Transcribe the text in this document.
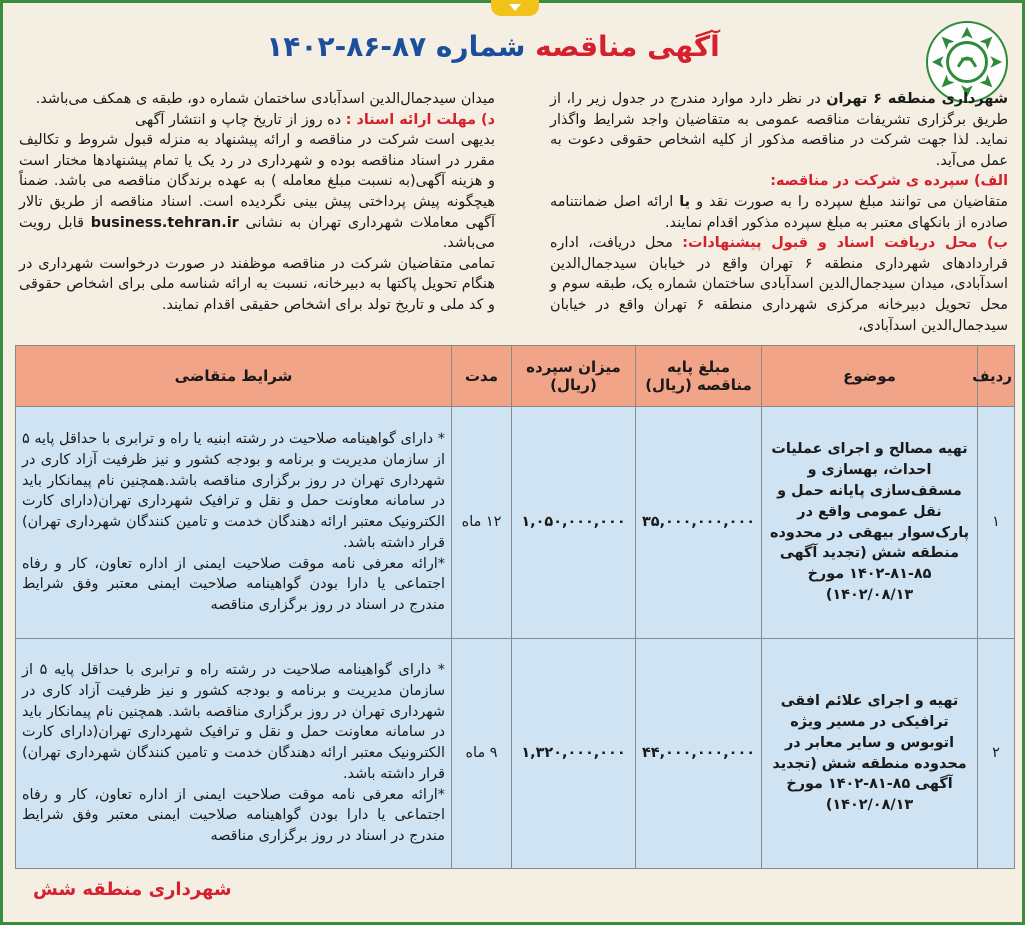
آگهی مناقصه شماره ۸۷-۸۶-۱۴۰۲

شهرداری منطقه ۶ تهران در نظر دارد موارد مندرج در جدول زیر را، از طریق برگزاری تشریفات مناقصه عمومی به متقاضیان واجد شرایط واگذار نماید. لذا جهت شرکت در مناقصه مذکور از کلیه اشخاص حقوقی دعوت به عمل می‌آید.

الف) سپرده ی شرکت در مناقصه:

متقاضیان می توانند مبلغ سپرده را به صورت نقد و یا ارائه اصل ضمانتنامه صادره از بانکهای معتبر به مبلغ سپرده مذکور اقدام نمایند.

ب) محل دریافت اسناد و قبول پیشنهادات: محل دریافت، اداره قراردادهای شهرداری منطقه ۶ تهران واقع در خیابان سیدجمال‌الدین اسدآبادی، میدان سیدجمال‌الدین اسدآبادی ساختمان شماره یک، طبقه سوم و محل تحویل دبیرخانه مرکزی شهرداری منطقه ۶ تهران واقع در خیابان سیدجمال‌الدین اسدآبادی،

میدان سیدجمال‌الدین اسدآبادی ساختمان شماره دو، طبقه ی همکف می‌باشد.

د) مهلت ارائه اسناد : ده روز از تاریخ چاپ و انتشار آگهی

بدیهی است شرکت در مناقصه و ارائه پیشنهاد به منزله قبول شروط و تکالیف مقرر در اسناد مناقصه بوده و شهرداری در رد یک یا تمام پیشنهادها مختار است و هزینه آگهی(به نسبت مبلغ معامله ) به عهده برندگان مناقصه می باشد. ضمناً هیچگونه پیش پرداختی پیش بینی نگردیده است. اسناد مناقصه از طریق تالار آگهی معاملات شهرداری تهران به نشانی business.tehran.ir قابل رویت می‌باشد.

تمامی متقاضیان شرکت در مناقصه موظفند در صورت درخواست شهرداری در هنگام تحویل پاکتها به دبیرخانه، نسبت به ارائه شناسه ملی برای اشخاص حقوقی و کد ملی و تاریخ تولد برای اشخاص حقیقی اقدام نمایند.

ردیف	موضوع	مبلغ پایه مناقصه (ریال)	میزان سپرده (ریال)	مدت	شرایط متقاضی
۱	تهیه مصالح و اجرای عملیات احداث، بهسازی و مسقف‌سازی پایانه حمل و نقل عمومی واقع در پارک‌سوار بیهقی در محدوده منطقه شش (تجدید آگهی ۸۵-۸۱-۱۴۰۲ مورخ ۱۴۰۲/۰۸/۱۳)	۳۵,۰۰۰,۰۰۰,۰۰۰	۱,۰۵۰,۰۰۰,۰۰۰	۱۲ ماه	* دارای گواهینامه صلاحیت در رشته ابنیه یا راه و ترابری با حداقل پایه ۵ از سازمان مدیریت و برنامه و بودجه کشور و نیز ظرفیت آزاد کاری در شهرداری تهران در روز برگزاری مناقصه باشد.همچنین نام پیمانکار باید در سامانه معاونت حمل و نقل و ترافیک شهرداری تهران(دارای کارت الکترونیک معتبر ارائه دهندگان خدمت و تامین کنندگان شهرداری تهران) قرار داشته باشد.

*ارائه معرفی نامه موقت صلاحیت ایمنی از اداره تعاون، کار و رفاه اجتماعی یا دارا بودن گواهینامه صلاحیت ایمنی معتبر وفق شرایط مندرج در اسناد در روز برگزاری مناقصه

۲	تهیه و اجرای علائم افقی ترافیکی در مسیر ویژه اتوبوس و سایر معابر در محدوده منطقه شش (تجدید آگهی ۸۵-۸۱-۱۴۰۲ مورخ ۱۴۰۲/۰۸/۱۳)	۴۴,۰۰۰,۰۰۰,۰۰۰	۱,۳۲۰,۰۰۰,۰۰۰	۹ ماه	* دارای گواهینامه صلاحیت در رشته راه و ترابری با حداقل پایه ۵ از سازمان مدیریت و برنامه و بودجه کشور و نیز ظرفیت آزاد کاری در شهرداری تهران در روز برگزاری مناقصه باشد. همچنین نام پیمانکار باید در سامانه معاونت حمل و نقل و ترافیک شهرداری تهران(دارای کارت الکترونیک معتبر ارائه دهندگان خدمت و تامین کنندگان شهرداری تهران) قرار داشته باشد.

*ارائه معرفی نامه موقت صلاحیت ایمنی از اداره تعاون، کار و رفاه اجتماعی یا دارا بودن گواهینامه صلاحیت ایمنی معتبر وفق شرایط مندرج در اسناد در روز برگزاری مناقصه

شهرداری منطقه شش
